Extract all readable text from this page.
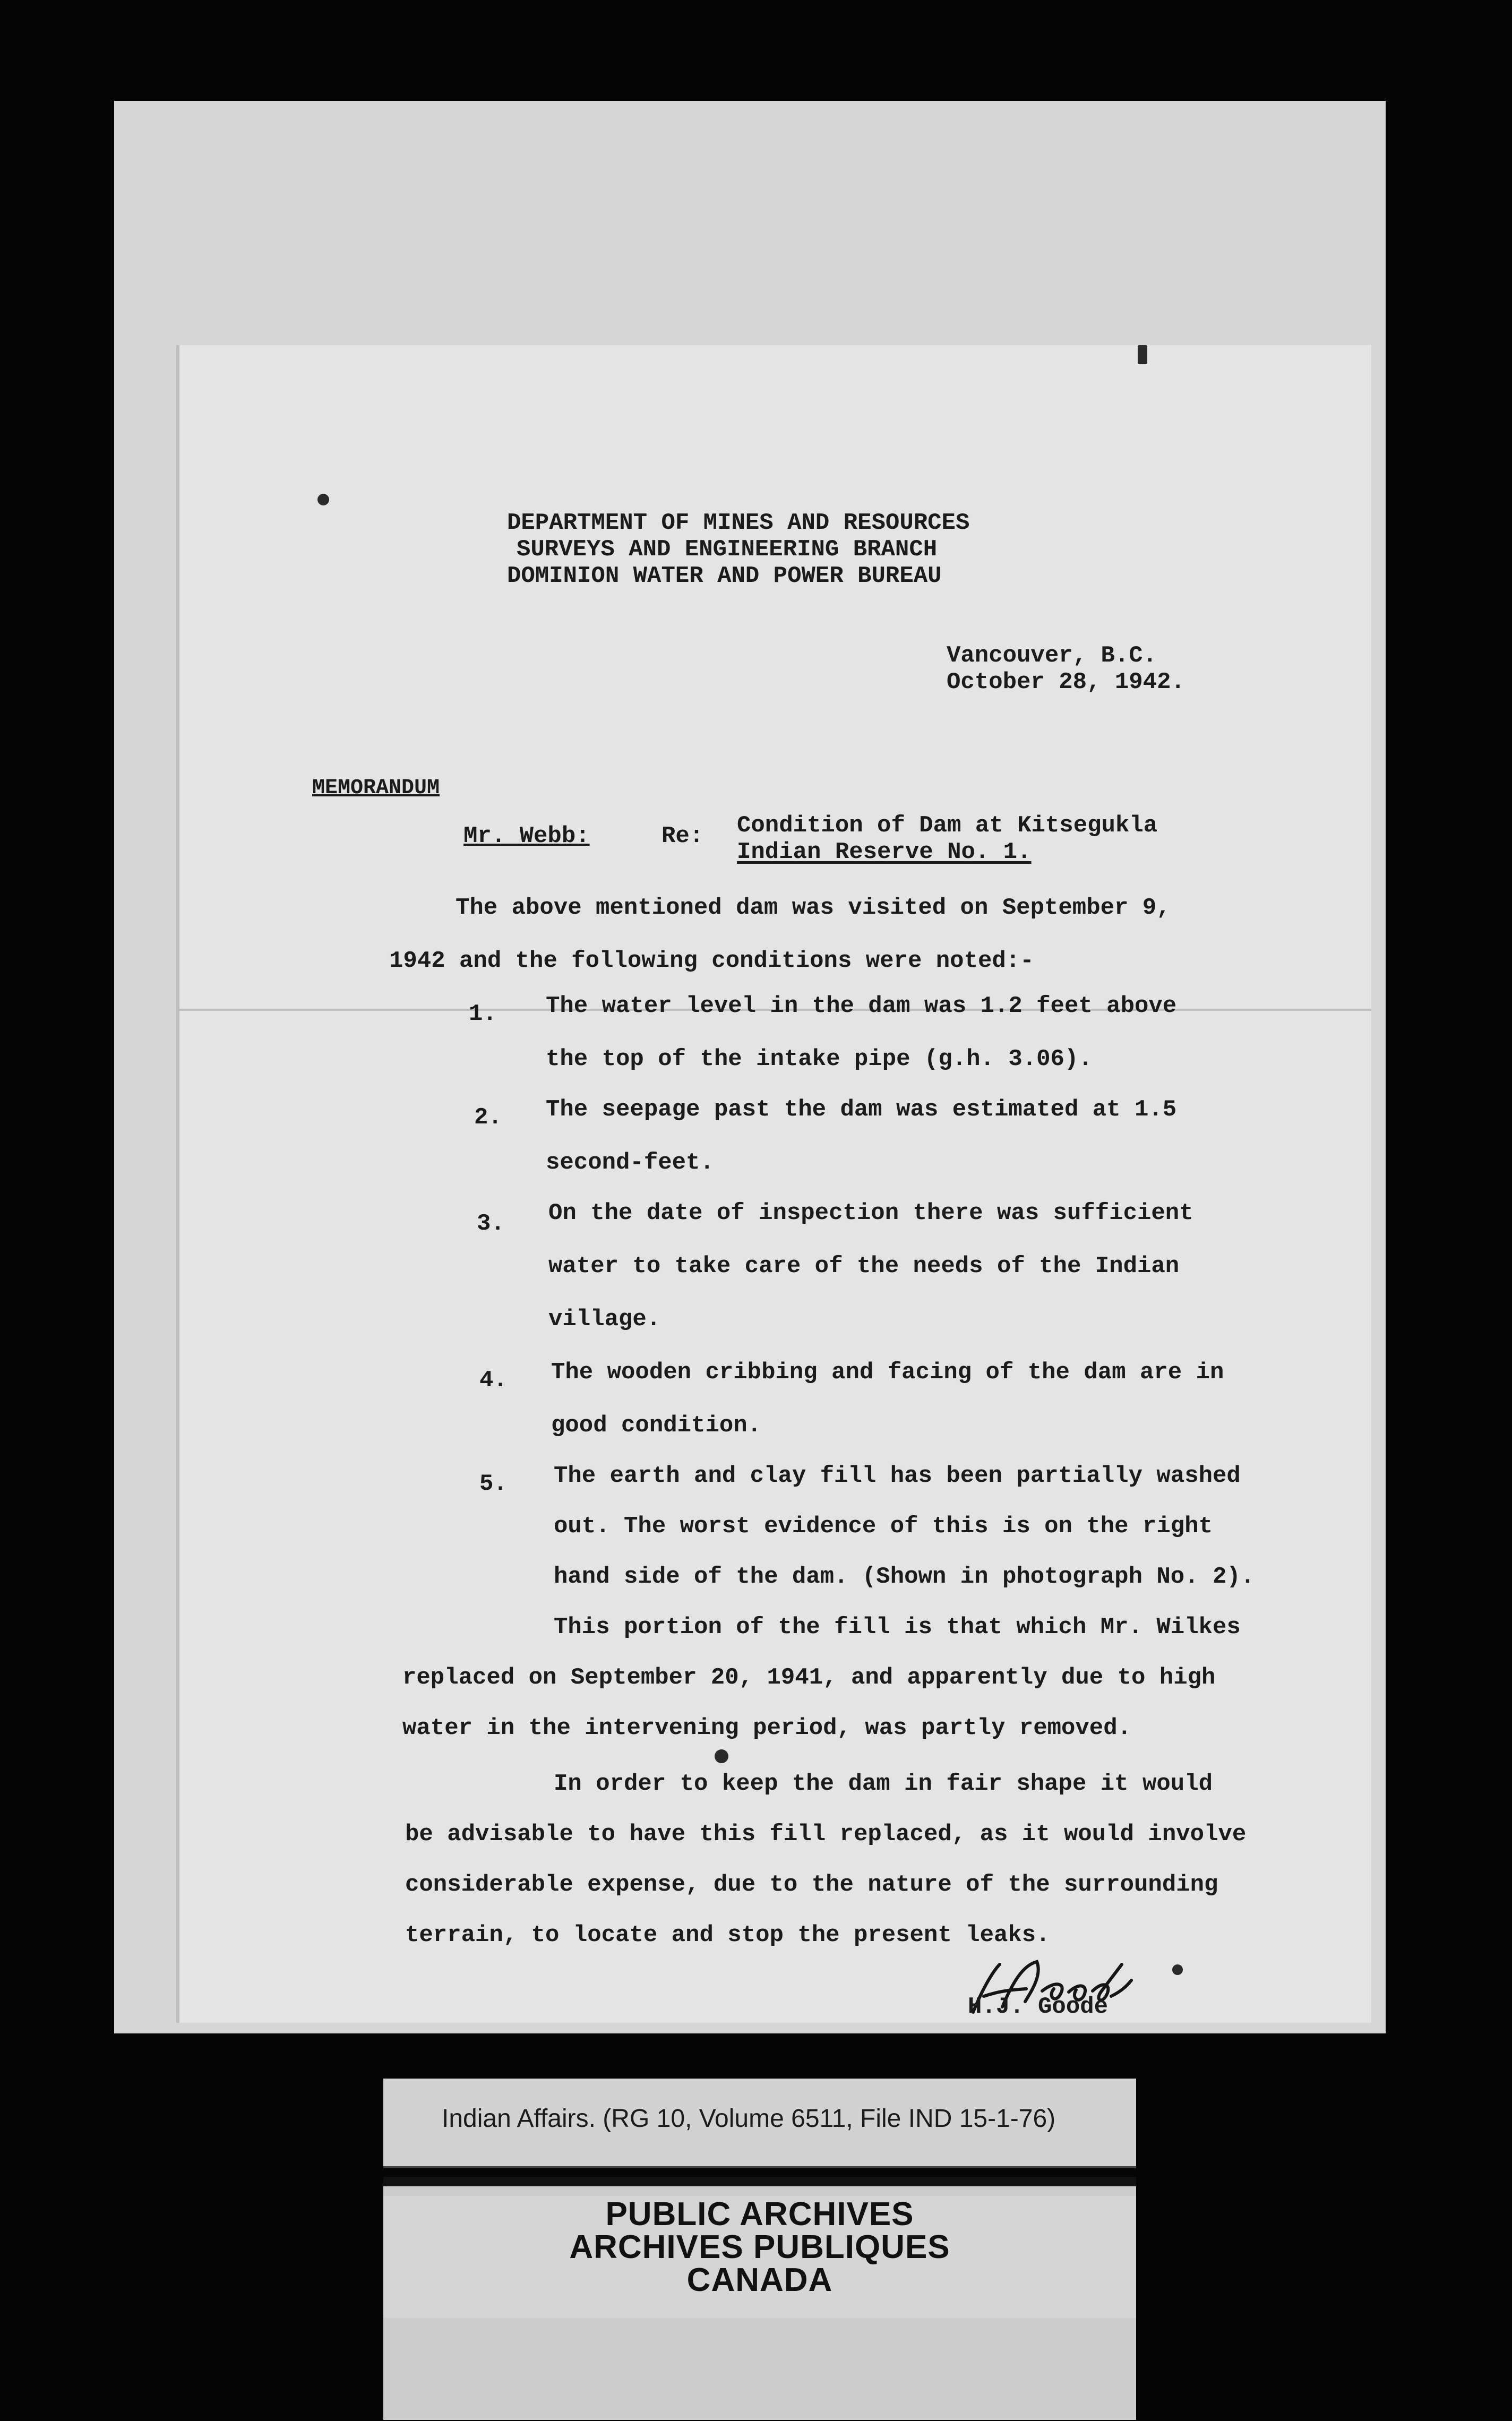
DEPARTMENT OF MINES AND RESOURCES
SURVEYS AND ENGINEERING BRANCH
DOMINION WATER AND POWER BUREAU
Vancouver, B.C.
October 28, 1942.
MEMORANDUM
Mr. Webb:	Re: Condition of Dam at Kitsegukla
Indian Reserve No. 1.
The above mentioned dam was visited on September 9,
1942 and the following conditions were noted:-
1. The water level in the dam was 1.2 feet above
the top of the intake pipe (g.h. 3.06).
2. The seepage past the dam was estimated at 1.5
second-feet.
3. On the date of inspection there was sufficient
water to take care of the needs of the Indian
village.
4. The wooden cribbing and facing of the dam are in
good condition.
5. The earth and clay fill has been partially washed
out. The worst evidence of this is on the right
hand side of the dam. (Shown in photograph No. 2).
This portion of the fill is that which Mr. Wilkes
replaced on September 20, 1941, and apparently due to high
water in the intervening period, was partly removed.
In order to keep the dam in fair shape it would
be advisable to have this fill replaced, as it would involve
considerable expense, due to the nature of the surrounding
terrain, to locate and stop the present leaks.
H.J. Goode
Indian Affairs. (RG 10, Volume 6511, File IND 15-1-76)
PUBLIC ARCHIVES
ARCHIVES PUBLIQUES
CANADA
